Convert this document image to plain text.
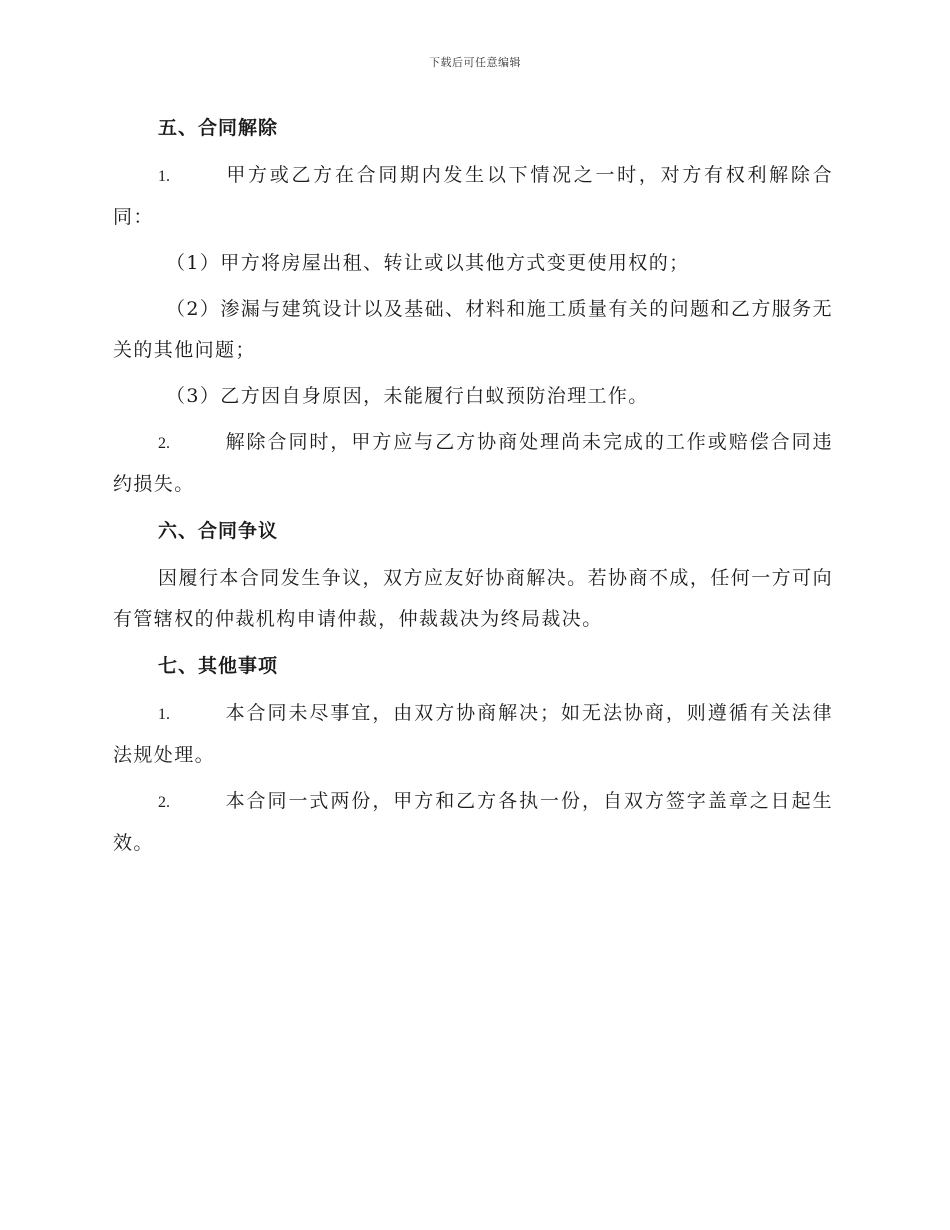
下载后可任意编辑
五、合同解除

1.	甲方或乙方在合同期内发生以下情况之一时，对方有权利解除合同：

（1）甲方将房屋出租、转让或以其他方式变更使用权的；

（2）渗漏与建筑设计以及基础、材料和施工质量有关的问题和乙方服务无关的其他问题；

（3）乙方因自身原因，未能履行白蚁预防治理工作。

2.	解除合同时，甲方应与乙方协商处理尚未完成的工作或赔偿合同违约损失。

六、合同争议

因履行本合同发生争议，双方应友好协商解决。若协商不成，任何一方可向有管辖权的仲裁机构申请仲裁，仲裁裁决为终局裁决。

七、其他事项

1.	本合同未尽事宜，由双方协商解决；如无法协商，则遵循有关法律法规处理。

2.	本合同一式两份，甲方和乙方各执一份，自双方签字盖章之日起生效。
